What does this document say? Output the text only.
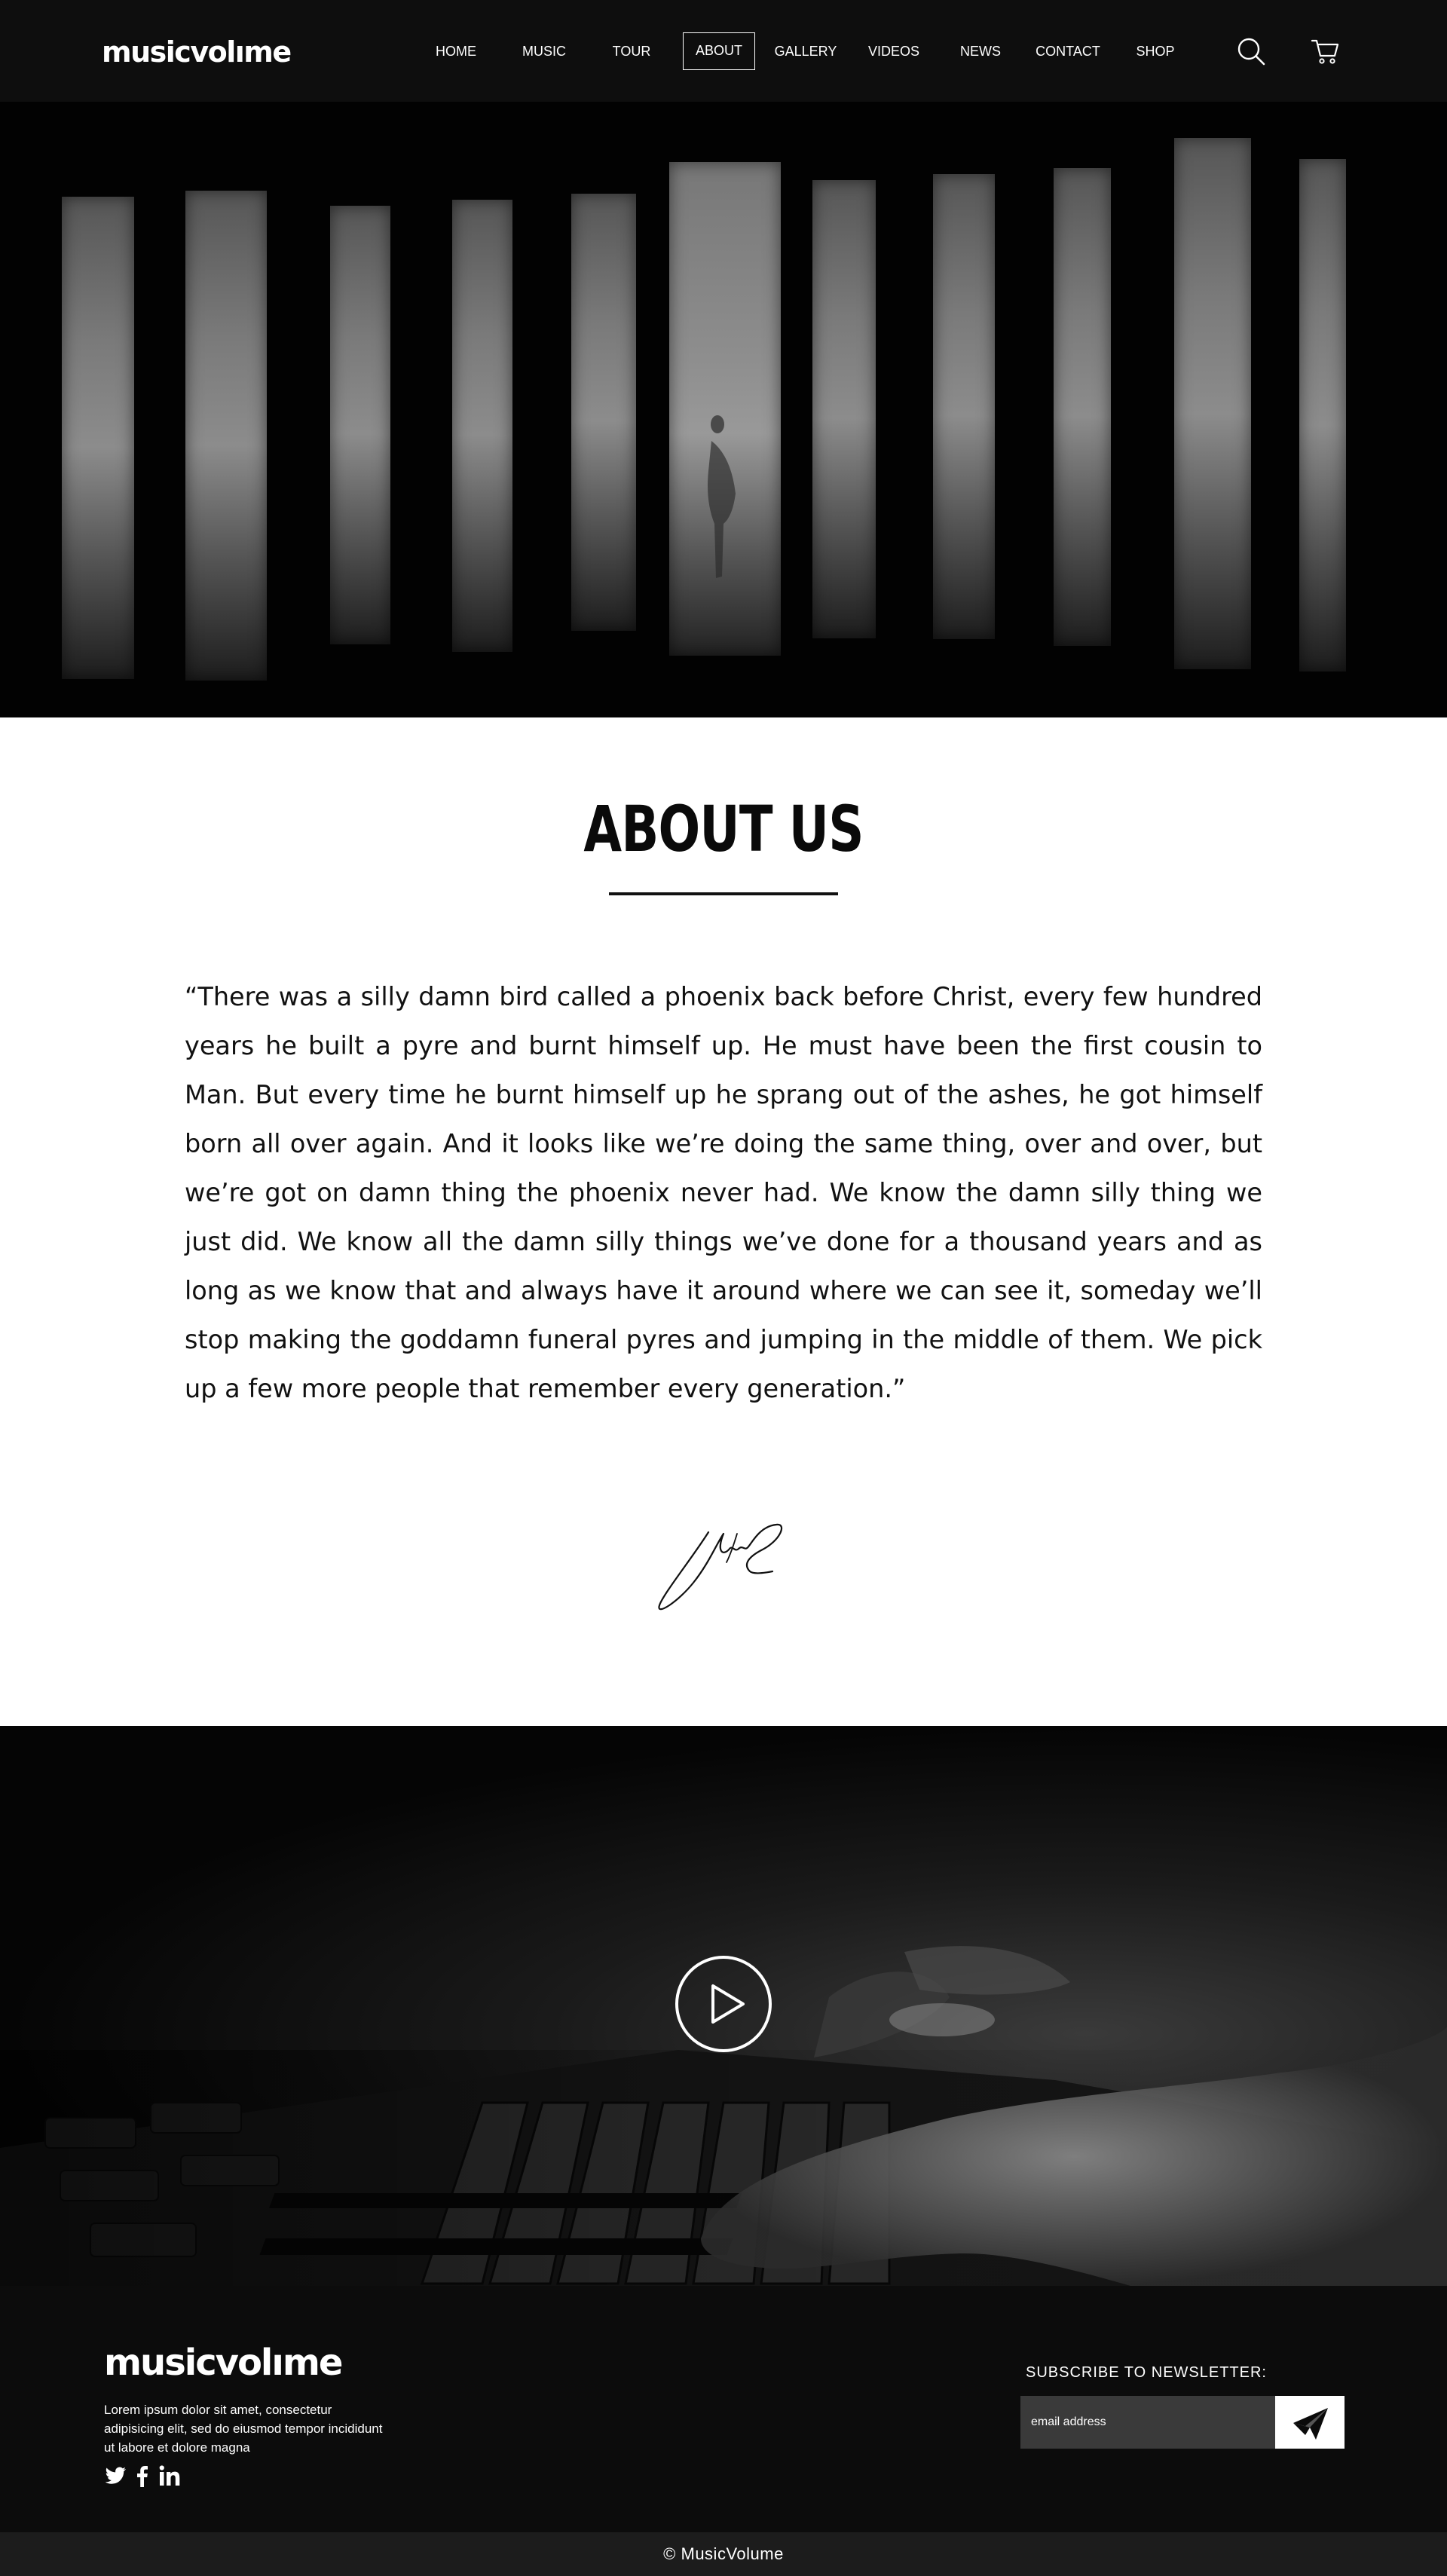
musicvolıme	HOME	MUSIC	TOUR	ABOUT	GALLERY VIDEOS	NEWS	CONTACT	SHOP
ABOUT US

“There was a silly damn bird called a phoenix back before Christ, every few hundred years he built a pyre and burnt himself up. He must have been the first cousin to Man. But every time he burnt himself up he sprang out of the ashes, he got himself born all over again. And it looks like we’re doing the same thing, over and over, but we’re got on damn thing the phoenix never had. We know the damn silly thing we just did. We know all the damn silly things we’ve done for a thousand years and as long as we know that and always have it around where we can see it, someday we’ll stop making the goddamn funeral pyres and jumping in the middle of them. We pick up a few more people that remember every generation.”

musicvolıme

Lorem ipsum dolor sit amet, consectetur adipisicing elit, sed do eiusmod tempor incididunt ut labore et dolore magna

SUBSCRIBE TO NEWSLETTER:
email address
© MusicVolume
